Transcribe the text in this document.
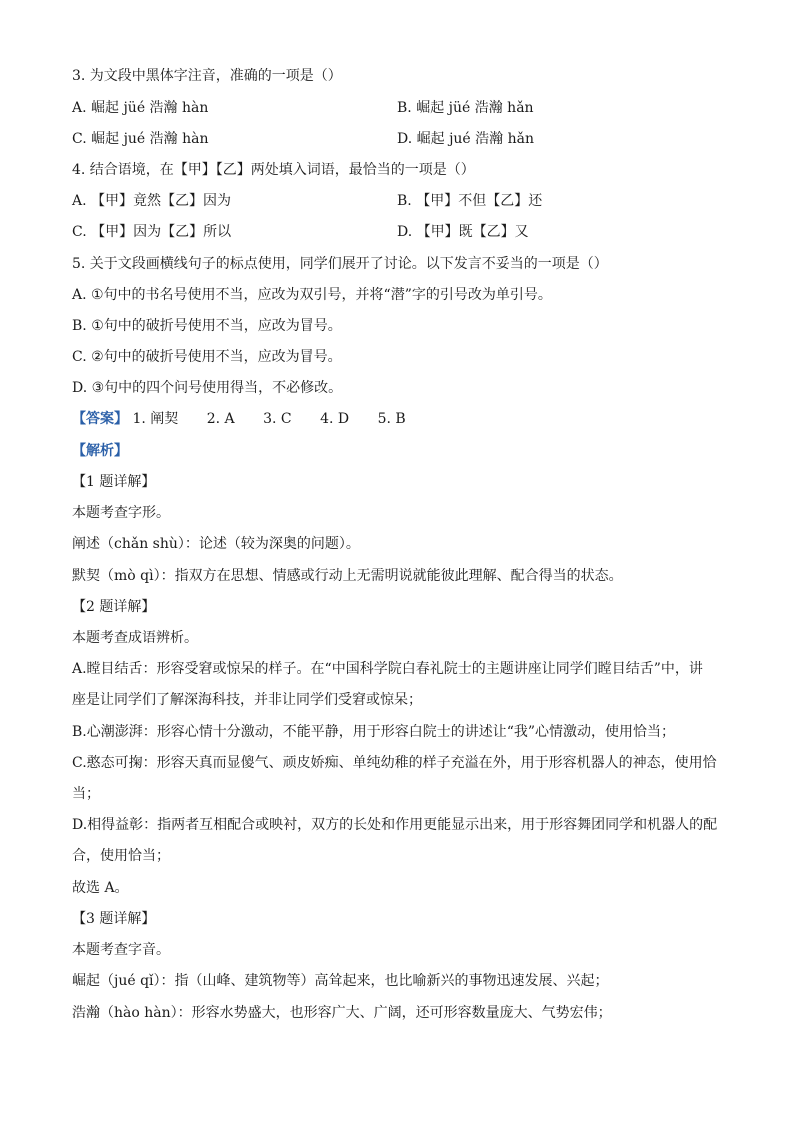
3. 为文段中黑体字注音，准确的一项是（）
A. 崛起 jüé 浩瀚 hàn	B. 崛起 jüé 浩瀚 hǎn
C. 崛起 jué 浩瀚 hàn	D. 崛起 jué 浩瀚 hǎn
4. 结合语境，在【甲】【乙】两处填入词语，最恰当的一项是（）
A. 【甲】竟然【乙】因为	B. 【甲】不但【乙】还
C. 【甲】因为【乙】所以	D. 【甲】既【乙】又
5. 关于文段画横线句子的标点使用，同学们展开了讨论。以下发言不妥当的一项是（）
A. ①句中的书名号使用不当，应改为双引号，并将“潜”字的引号改为单引号。
B. ①句中的破折号使用不当，应改为冒号。
C. ②句中的破折号使用不当，应改为冒号。
D. ③句中的四个问号使用得当，不必修改。
【答案】 1. 阐契 2. A 3. C 4. D 5. B
【解析】
【1 题详解】
本题考查字形。
阐述（chǎn shù）：论述（较为深奥的问题）。
默契（mò qì）：指双方在思想、情感或行动上无需明说就能彼此理解、配合得当的状态。
【2 题详解】
本题考查成语辨析。
A.瞠目结舌：形容受窘或惊呆的样子。在“中国科学院白春礼院士的主题讲座让同学们瞠目结舌”中，讲
座是让同学们了解深海科技，并非让同学们受窘或惊呆；
B.心潮澎湃：形容心情十分激动，不能平静，用于形容白院士的讲述让“我”心情激动，使用恰当；
C.憨态可掬：形容天真而显傻气、顽皮娇痴、单纯幼稚的样子充溢在外，用于形容机器人的神态，使用恰
当；
D.相得益彰：指两者互相配合或映衬，双方的长处和作用更能显示出来，用于形容舞团同学和机器人的配
合，使用恰当；
故选 A。
【3 题详解】
本题考查字音。
崛起（jué qǐ）：指（山峰、建筑物等）高耸起来，也比喻新兴的事物迅速发展、兴起；
浩瀚（hào hàn）：形容水势盛大，也形容广大、广阔，还可形容数量庞大、气势宏伟；
